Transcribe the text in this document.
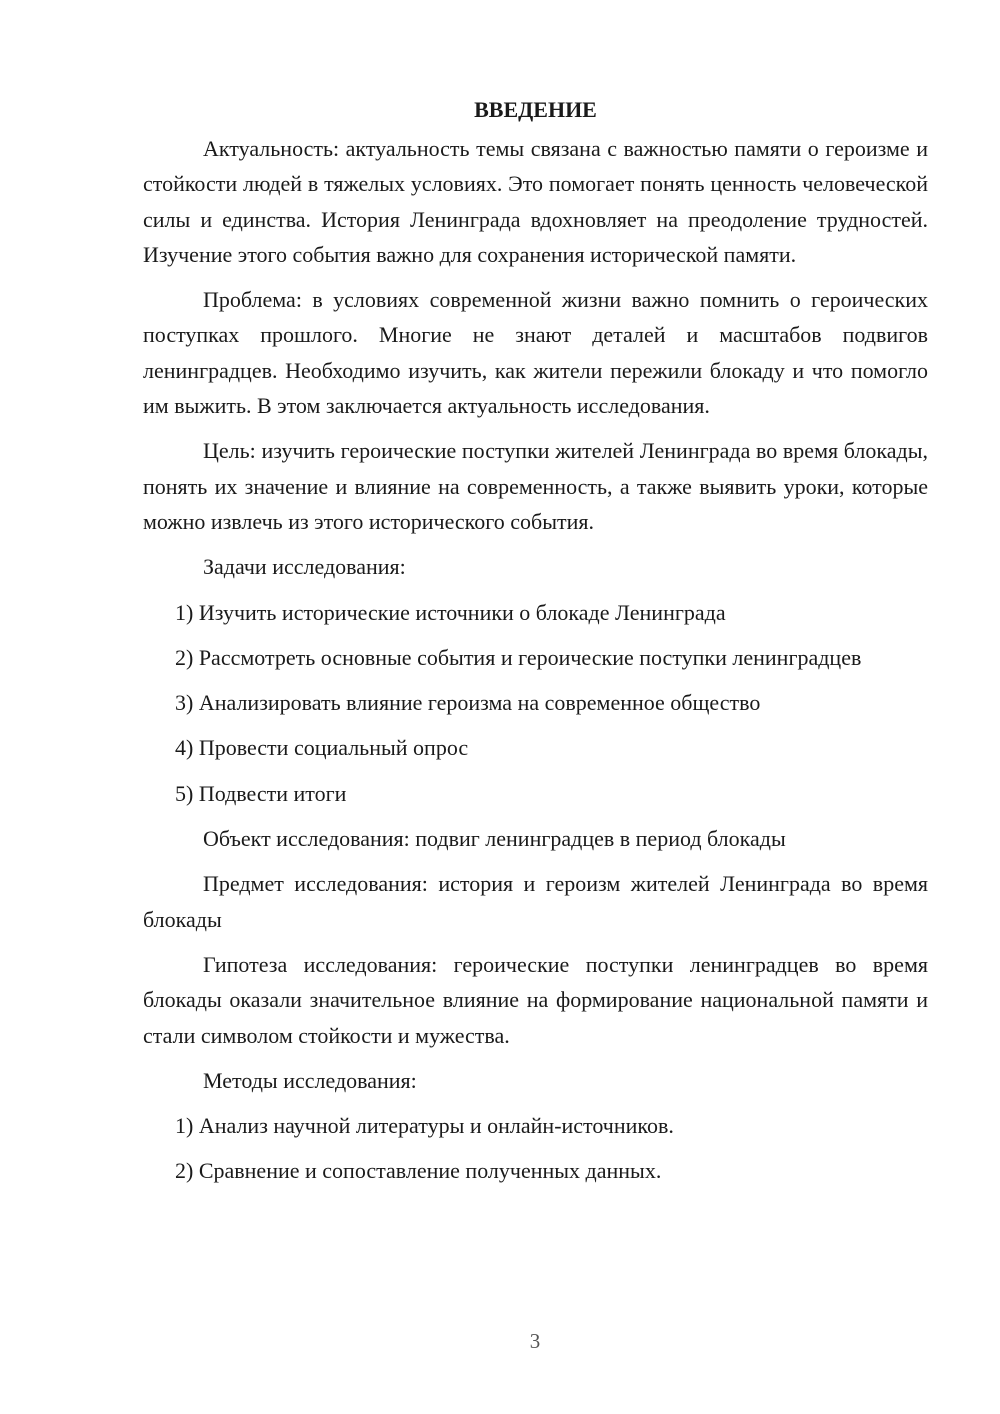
ВВЕДЕНИЕ

Актуальность: актуальность темы связана с важностью памяти о героизме и стойкости людей в тяжелых условиях. Это помогает понять ценность человеческой силы и единства. История Ленинграда вдохновляет на преодоление трудностей. Изучение этого события важно для сохранения исторической памяти.

Проблема: в условиях современной жизни важно помнить о героических поступках прошлого. Многие не знают деталей и масштабов подвигов ленинградцев. Необходимо изучить, как жители пережили блокаду и что помогло им выжить. В этом заключается актуальность исследования.

Цель: изучить героические поступки жителей Ленинграда во время блокады, понять их значение и влияние на современность, а также выявить уроки, которые можно извлечь из этого исторического события.

Задачи исследования:

1) Изучить исторические источники о блокаде Ленинграда

2) Рассмотреть основные события и героические поступки ленинградцев

3) Анализировать влияние героизма на современное общество

4) Провести социальный опрос

5) Подвести итоги

Объект исследования: подвиг ленинградцев в период блокады

Предмет исследования: история и героизм жителей Ленинграда во время блокады

Гипотеза исследования: героические поступки ленинградцев во время блокады оказали значительное влияние на формирование национальной памяти и стали символом стойкости и мужества.

Методы исследования:

1) Анализ научной литературы и онлайн-источников.

2) Сравнение и сопоставление полученных данных.

3
